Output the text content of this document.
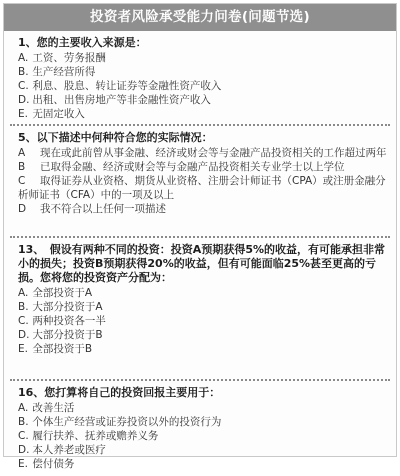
投资者风险承受能力问卷(问题节选)
1、您的主要收入来源是：
A. 工资、劳务报酬
B. 生产经营所得
C. 利息、股息、转让证券等金融性资产收入
D. 出租、出售房地产等非金融性资产收入
E. 无固定收入
5、以下描述中何种符合您的实际情况：
A 现在或此前曾从事金融、经济或财会等与金融产品投资相关的工作超过两年
B 已取得金融、经济或财会等与金融产品投资相关专业学士以上学位
C 取得证券从业资格、期货从业资格、注册会计师证书（CPA）或注册金融分析师证书（CFA）中的一项及以上
D 我不符合以上任何一项描述
13、　假设有两种不同的投资：投资A预期获得5%的收益，有可能承担非常小的损失；投资B预期获得20%的收益，但有可能面临25%甚至更高的亏损。您将您的投资资产分配为：
A. 全部投资于A
B. 大部分投资于A
C. 两种投资各一半
D. 大部分投资于B
E. 全部投资于B
16、您打算将自己的投资回报主要用于：
A. 改善生活
B. 个体生产经营或证券投资以外的投资行为
C. 履行扶养、抚养或赡养义务
D. 本人养老或医疗
E. 偿付债务
